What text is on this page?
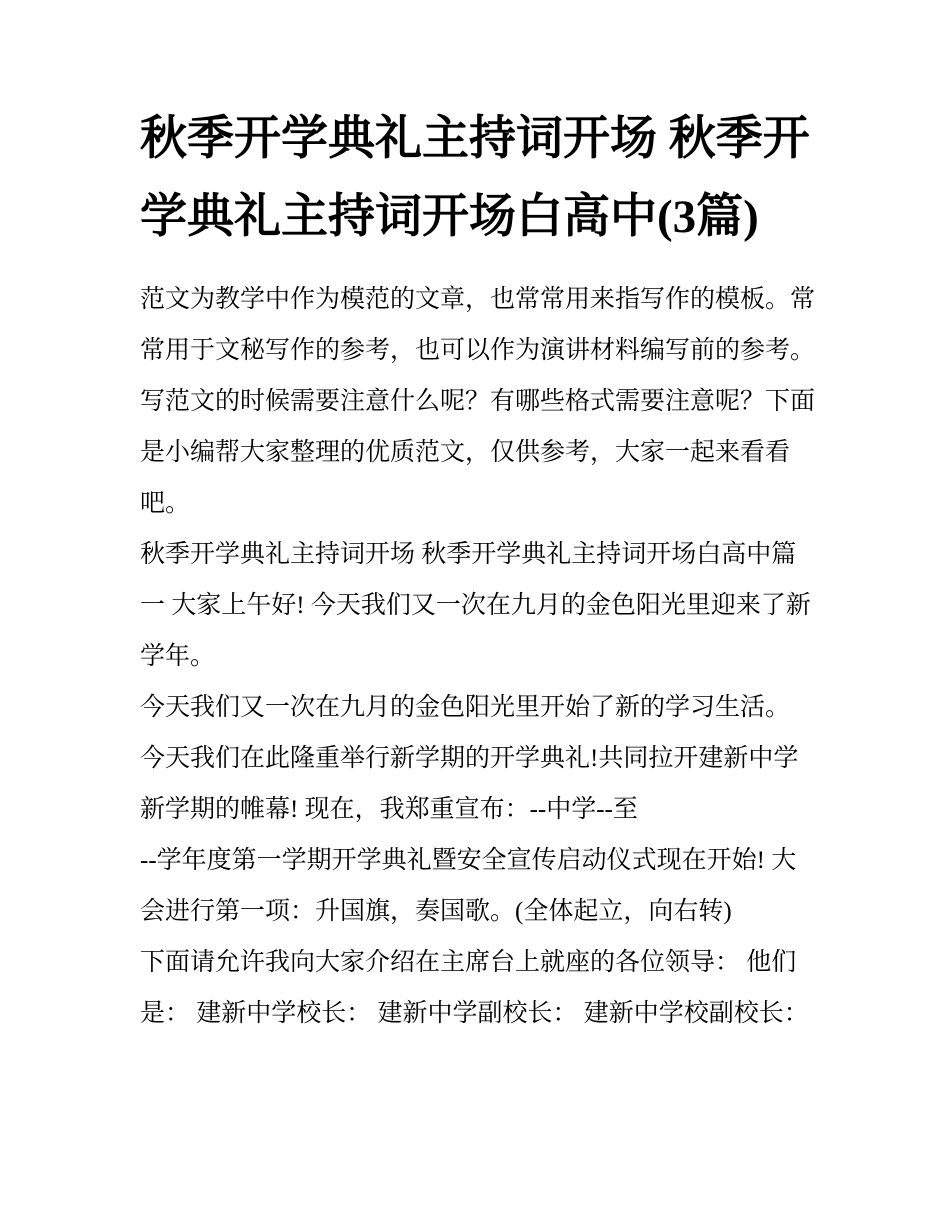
秋季开学典礼主持词开场 秋季开学典礼主持词开场白高中(3篇)

范文为教学中作为模范的文章，也常常用来指写作的模板。常常用于文秘写作的参考，也可以作为演讲材料编写前的参考。写范文的时候需要注意什么呢？有哪些格式需要注意呢？下面是小编帮大家整理的优质范文，仅供参考，大家一起来看看吧。

秋季开学典礼主持词开场 秋季开学典礼主持词开场白高中篇一 大家上午好! 今天我们又一次在九月的金色阳光里迎来了新学年。

今天我们又一次在九月的金色阳光里开始了新的学习生活。

今天我们在此隆重举行新学期的开学典礼!共同拉开建新中学新学期的帷幕! 现在，我郑重宣布：--中学--至

--学年度第一学期开学典礼暨安全宣传启动仪式现在开始! 大会进行第一项：升国旗，奏国歌。(全体起立，向右转)

下面请允许我向大家介绍在主席台上就座的各位领导： 他们是： 建新中学校长： 建新中学副校长： 建新中学校副校长：
